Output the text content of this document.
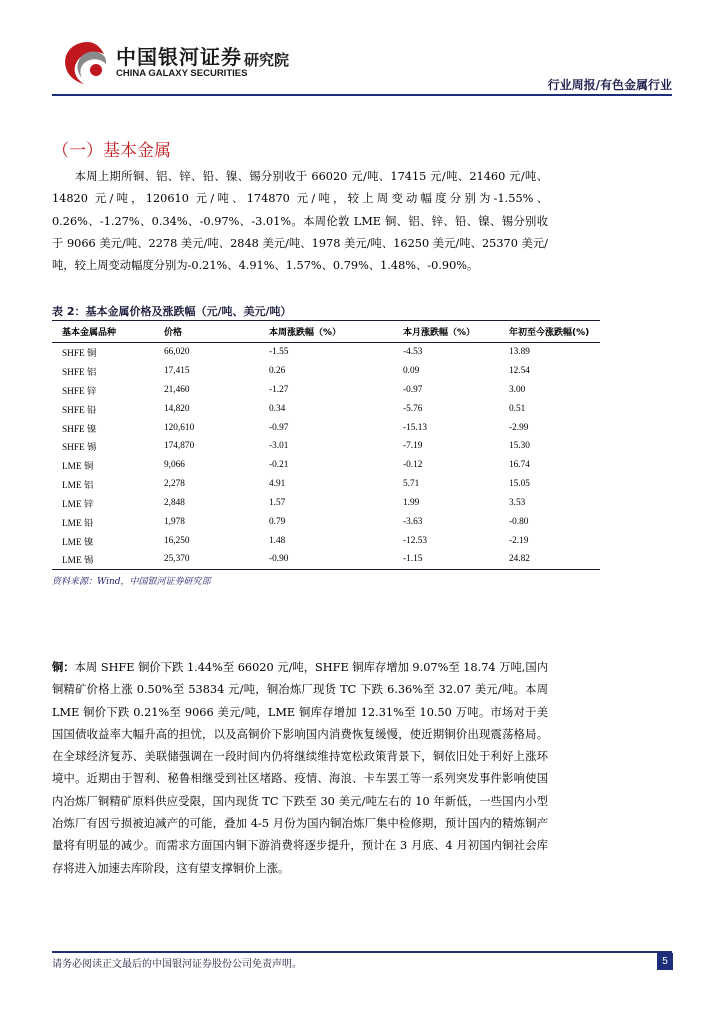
中国银河证券
CHINA GALAXY SECURITIES
研究院
行业周报/有色金属行业
（一）基本金属
本周上期所铜、铝、锌、铅、镍、锡分别收于 66020 元/吨、17415 元/吨、21460 元/吨、14820 元/吨，120610 元/吨、174870 元/吨，较上周变动幅度分别为-1.55%、0.26%、-1.27%、0.34%、-0.97%、-3.01%。本周伦敦 LME 铜、铝、锌、铅、镍、锡分别收于 9066 美元/吨、2278 美元/吨、2848 美元/吨、1978 美元/吨、16250 美元/吨、25370 美元/吨，较上周变动幅度分别为-0.21%、4.91%、1.57%、0.79%、1.48%、-0.90%。
表 2：基本金属价格及涨跌幅（元/吨、美元/吨）
基本金属品种	价格	本周涨跌幅（%）	本月涨跌幅（%）	年初至今涨跌幅(%)
SHFE 铜	66,020	-1.55	-4.53	13.89
SHFE 铝	17,415	0.26	0.09	12.54
SHFE 锌	21,460	-1.27	-0.97	3.00
SHFE 铅	14,820	0.34	-5.76	0.51
SHFE 镍	120,610	-0.97	-15.13	-2.99
SHFE 锡	174,870	-3.01	-7.19	15.30
LME 铜	9,066	-0.21	-0.12	16.74
LME 铝	2,278	4.91	5.71	15.05
LME 锌	2,848	1.57	1.99	3.53
LME 铅	1,978	0.79	-3.63	-0.80
LME 镍	16,250	1.48	-12.53	-2.19
LME 锡	25,370	-0.90	-1.15	24.82
资料来源：Wind，中国银河证券研究部
铜：本周 SHFE 铜价下跌 1.44%至 66020 元/吨，SHFE 铜库存增加 9.07%至 18.74 万吨,国内铜精矿价格上涨 0.50%至 53834 元/吨，铜冶炼厂现货 TC 下跌 6.36%至 32.07 美元/吨。本周 LME 铜价下跌 0.21%至 9066 美元/吨，LME 铜库存增加 12.31%至 10.50 万吨。市场对于美国国债收益率大幅升高的担忧，以及高铜价下影响国内消费恢复缓慢，使近期铜价出现震荡格局。在全球经济复苏、美联储强调在一段时间内仍将继续维持宽松政策背景下，铜依旧处于利好上涨环境中。近期由于智利、秘鲁相继受到社区堵路、疫情、海浪、卡车罢工等一系列突发事件影响使国内冶炼厂铜精矿原料供应受限，国内现货 TC 下跌至 30 美元/吨左右的 10 年新低，一些国内小型冶炼厂有因亏损被迫减产的可能，叠加 4-5 月份为国内铜冶炼厂集中检修期，预计国内的精炼铜产量将有明显的减少。而需求方面国内铜下游消费将逐步提升，预计在 3 月底、4 月初国内铜社会库存将进入加速去库阶段，这有望支撑铜价上涨。
请务必阅读正文最后的中国银河证券股份公司免责声明。	5
